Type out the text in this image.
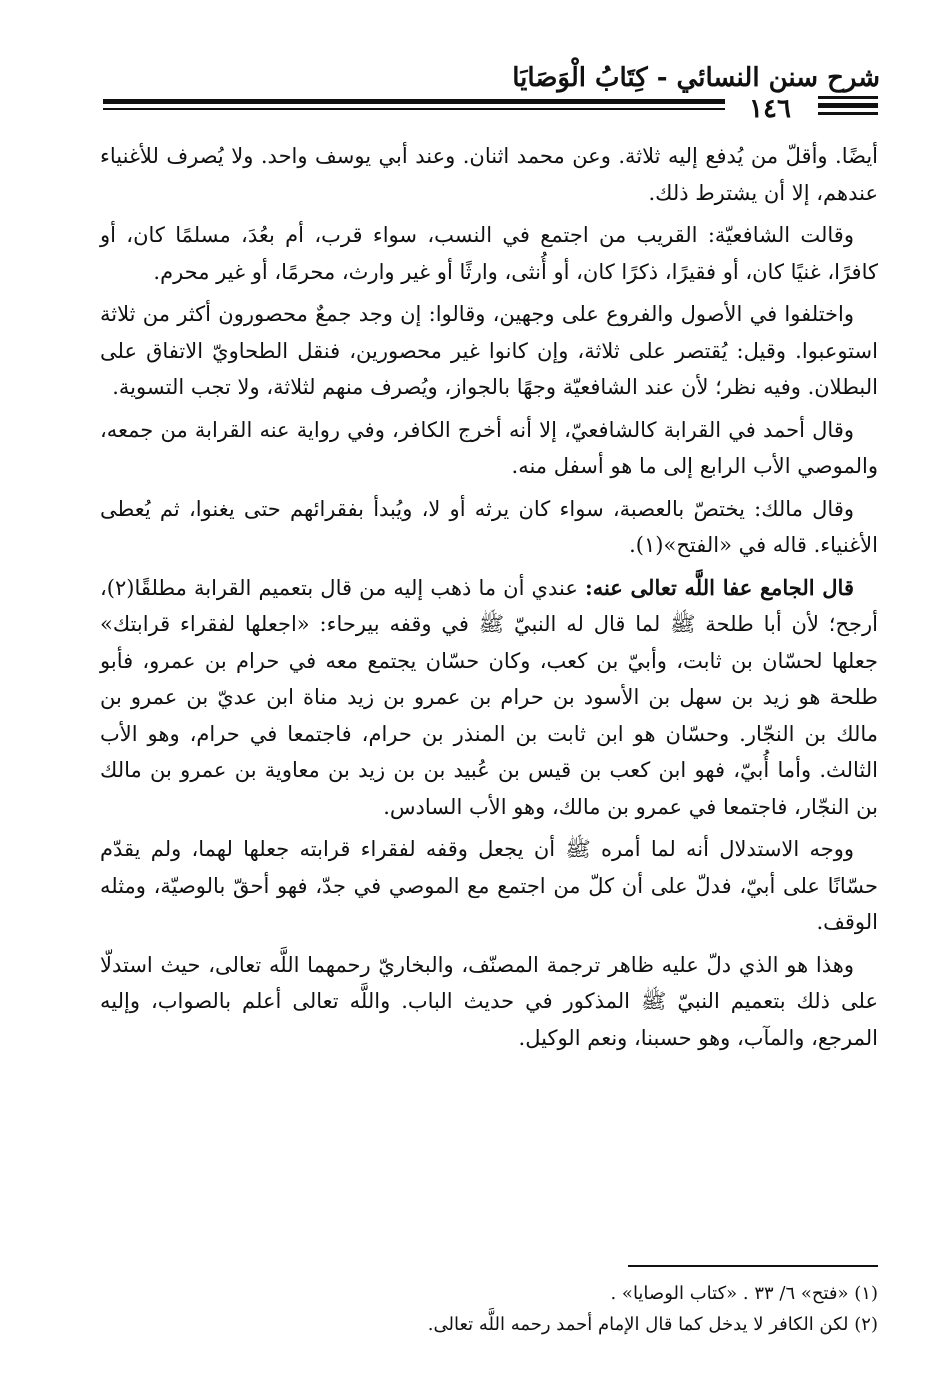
شرح سنن النسائي - كِتَابُ الْوَصَايَا
١٤٦

أيضًا. وأقلّ من يُدفع إليه ثلاثة. وعن محمد اثنان. وعند أبي يوسف واحد. ولا يُصرف للأغنياء عندهم، إلا أن يشترط ذلك.

وقالت الشافعيّة: القريب من اجتمع في النسب، سواء قرب، أم بعُدَ، مسلمًا كان، أو كافرًا، غنيًا كان، أو فقيرًا، ذكرًا كان، أو أُنثى، وارثًا أو غير وارث، محرمًا، أو غير محرم.

واختلفوا في الأصول والفروع على وجهين، وقالوا: إن وجد جمعٌ محصورون أكثر من ثلاثة استوعبوا. وقيل: يُقتصر على ثلاثة، وإن كانوا غير محصورين، فنقل الطحاويّ الاتفاق على البطلان. وفيه نظر؛ لأن عند الشافعيّة وجهًا بالجواز، ويُصرف منهم لثلاثة، ولا تجب التسوية.

وقال أحمد في القرابة كالشافعيّ، إلا أنه أخرج الكافر، وفي رواية عنه القرابة من جمعه، والموصي الأب الرابع إلى ما هو أسفل منه.

وقال مالك: يختصّ بالعصبة، سواء كان يرثه أو لا، ويُبدأ بفقرائهم حتى يغنوا، ثم يُعطى الأغنياء. قاله في «الفتح»(١).

قال الجامع عفا اللَّه تعالى عنه: عندي أن ما ذهب إليه من قال بتعميم القرابة مطلقًا(٢)، أرجح؛ لأن أبا طلحة ﷺ لما قال له النبيّ ﷺ في وقفه بيرحاء: «اجعلها لفقراء قرابتك» جعلها لحسّان بن ثابت، وأبيّ بن كعب، وكان حسّان يجتمع معه في حرام بن عمرو، فأبو طلحة هو زيد بن سهل بن الأسود بن حرام بن عمرو بن زيد مناة ابن عديّ بن عمرو بن مالك بن النجّار. وحسّان هو ابن ثابت بن المنذر بن حرام، فاجتمعا في حرام، وهو الأب الثالث. وأما أُبيّ، فهو ابن كعب بن قيس بن عُبيد بن بن زيد بن معاوية بن عمرو بن مالك بن النجّار، فاجتمعا في عمرو بن مالك، وهو الأب السادس.

ووجه الاستدلال أنه لما أمره ﷺ أن يجعل وقفه لفقراء قرابته جعلها لهما، ولم يقدّم حسّانًا على أبيّ، فدلّ على أن كلّ من اجتمع مع الموصي في جدّ، فهو أحقّ بالوصيّة، ومثله الوقف.

وهذا هو الذي دلّ عليه ظاهر ترجمة المصنّف، والبخاريّ رحمهما اللَّه تعالى، حيث استدلّا على ذلك بتعميم النبيّ ﷺ المذكور في حديث الباب. واللَّه تعالى أعلم بالصواب، وإليه المرجع، والمآب، وهو حسبنا، ونعم الوكيل.

(١) «فتح» ٦/ ٣٣ . «كتاب الوصايا» .
(٢) لكن الكافر لا يدخل كما قال الإمام أحمد رحمه اللَّه تعالى.
